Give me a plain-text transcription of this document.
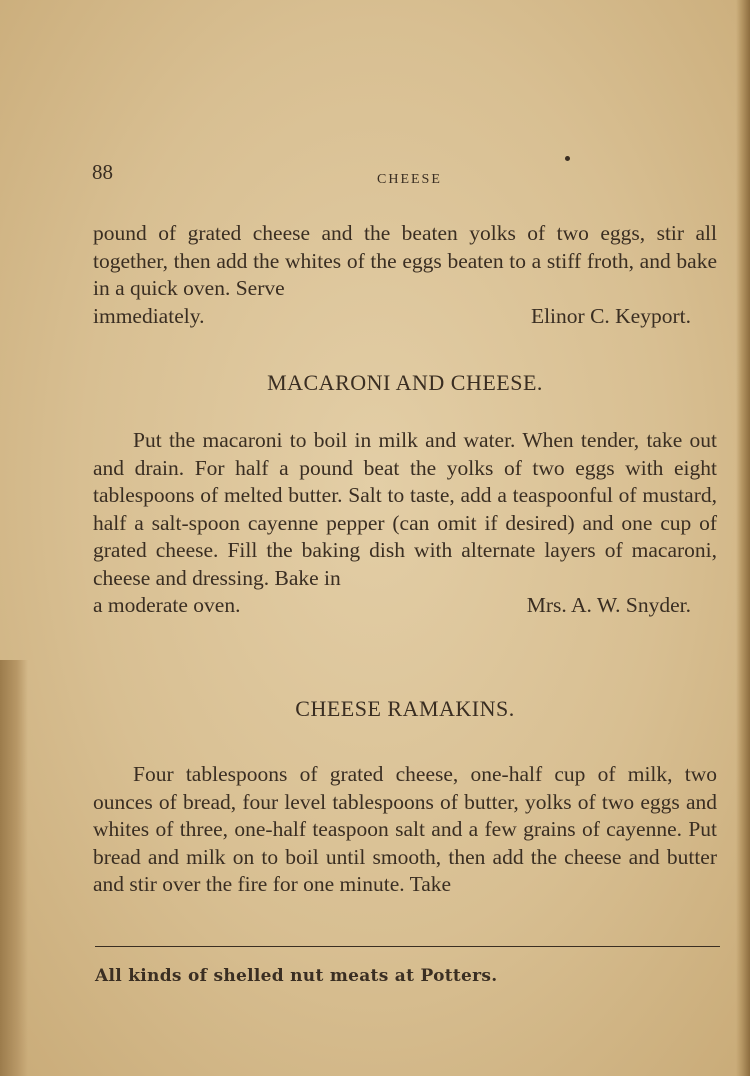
88	CHEESE
pound of grated cheese and the beaten yolks of two eggs, stir all together, then add the whites of the eggs beaten to a stiff froth, and bake in a quick oven. Serve
immediately.	Elinor C. Keyport.
MACARONI AND CHEESE.
Put the macaroni to boil in milk and water. When tender, take out and drain. For half a pound beat the yolks of two eggs with eight tablespoons of melted butter. Salt to taste, add a teaspoonful of mustard, half a salt-spoon cayenne pepper (can omit if desired) and one cup of grated cheese. Fill the baking dish with alternate layers of macaroni, cheese and dressing. Bake in
a moderate oven.	Mrs. A. W. Snyder.
CHEESE RAMAKINS.
Four tablespoons of grated cheese, one-half cup of milk, two ounces of bread, four level tablespoons of butter, yolks of two eggs and whites of three, one-half teaspoon salt and a few grains of cayenne. Put bread and milk on to boil until smooth, then add the cheese and butter and stir over the fire for one minute. Take
All kinds of shelled nut meats at Potters.
